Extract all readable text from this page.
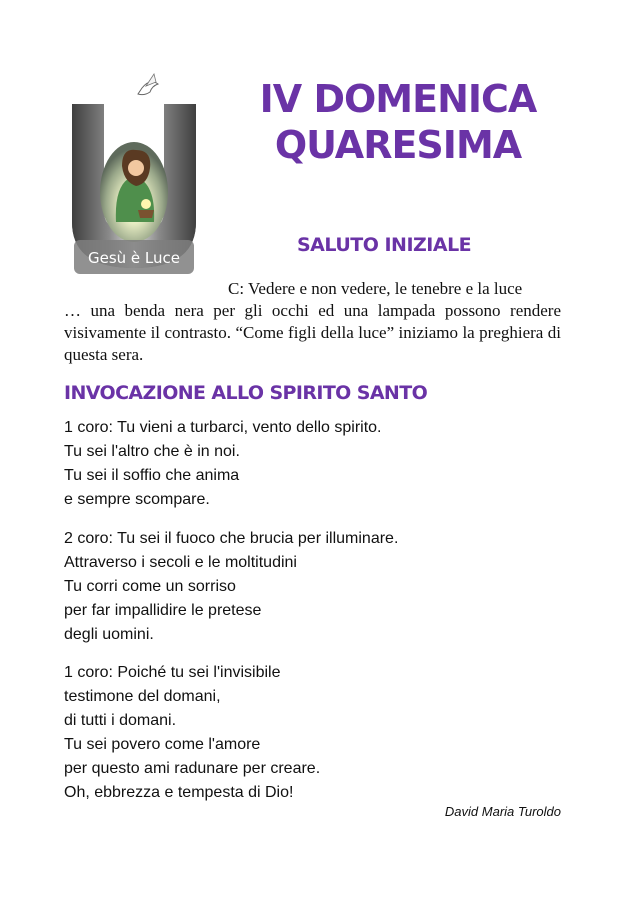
Gesù è Luce
IV DOMENICA
QUARESIMA
SALUTO INIZIALE
C: Vedere e non vedere, le tenebre e la luce
… una benda nera per gli occhi ed una lampada possono rendere visivamente il contrasto. “Come figli della luce” iniziamo la preghiera di questa sera.
INVOCAZIONE ALLO SPIRITO SANTO
1 coro: Tu vieni a turbarci, vento dello spirito.
Tu sei l'altro che è in noi.
Tu sei il soffio che anima
e sempre scompare.
2 coro: Tu sei il fuoco che brucia per illuminare.
Attraverso i secoli e le moltitudini
Tu corri come un sorriso
per far impallidire le pretese
degli uomini.
1 coro: Poiché tu sei l'invisibile
testimone del domani,
di tutti i domani.
Tu sei povero come l'amore
per questo ami radunare per creare.
Oh, ebbrezza e tempesta di Dio!
David Maria Turoldo
